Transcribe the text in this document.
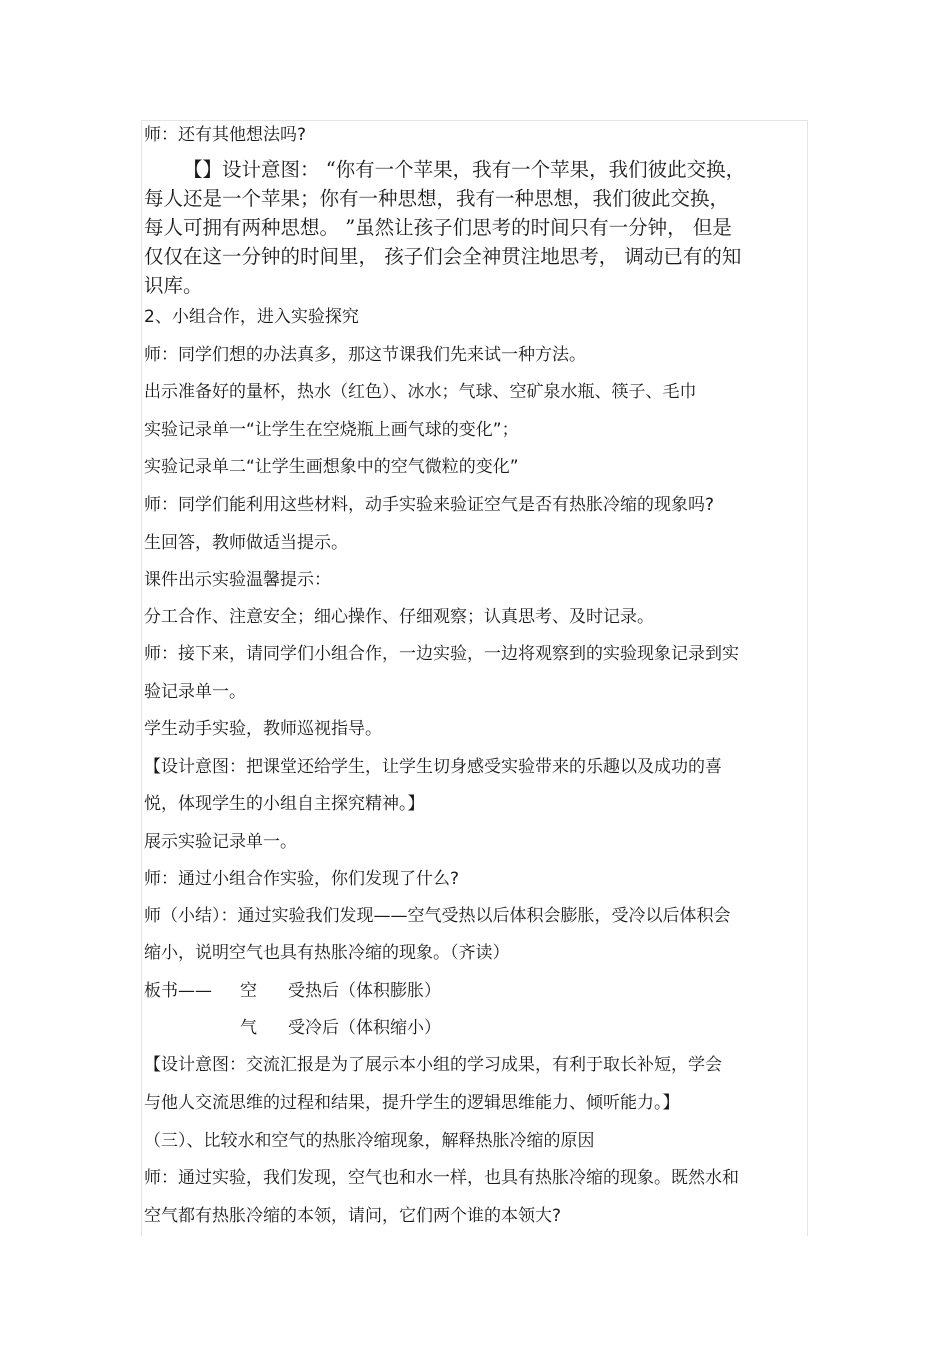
师：还有其他想法吗?
【】设计意图： “你有一个苹果，我有一个苹果，我们彼此交换，
每人还是一个苹果；你有一种思想，我有一种思想，我们彼此交换，
每人可拥有两种思想。 ”虽然让孩子们思考的时间只有一分钟， 但是
仅仅在这一分钟的时间里， 孩子们会全神贯注地思考， 调动已有的知
识库。
2、小组合作，进入实验探究
师：同学们想的办法真多，那这节课我们先来试一种方法。
出示准备好的量杯，热水（红色）、冰水；气球、空矿泉水瓶、筷子、毛巾
实验记录单一“让学生在空烧瓶上画气球的变化”；
实验记录单二“让学生画想象中的空气微粒的变化”
师：同学们能利用这些材料，动手实验来验证空气是否有热胀冷缩的现象吗?
生回答，教师做适当提示。
课件出示实验温馨提示：
分工合作、注意安全；细心操作、仔细观察；认真思考、及时记录。
师：接下来，请同学们小组合作，一边实验，一边将观察到的实验现象记录到实
验记录单一。
学生动手实验，教师巡视指导。
【设计意图：把课堂还给学生，让学生切身感受实验带来的乐趣以及成功的喜
悦，体现学生的小组自主探究精神。】
展示实验记录单一。
师：通过小组合作实验，你们发现了什么?
师（小结）：通过实验我们发现——空气受热以后体积会膨胀，受冷以后体积会
缩小，说明空气也具有热胀冷缩的现象。（齐读）
板书—— 空 受热后（体积膨胀）
气 受冷后（体积缩小）
【设计意图：交流汇报是为了展示本小组的学习成果，有利于取长补短，学会
与他人交流思维的过程和结果，提升学生的逻辑思维能力、倾听能力。】
（三）、比较水和空气的热胀冷缩现象，解释热胀冷缩的原因
师：通过实验，我们发现，空气也和水一样，也具有热胀冷缩的现象。既然水和
空气都有热胀冷缩的本领，请问，它们两个谁的本领大?
